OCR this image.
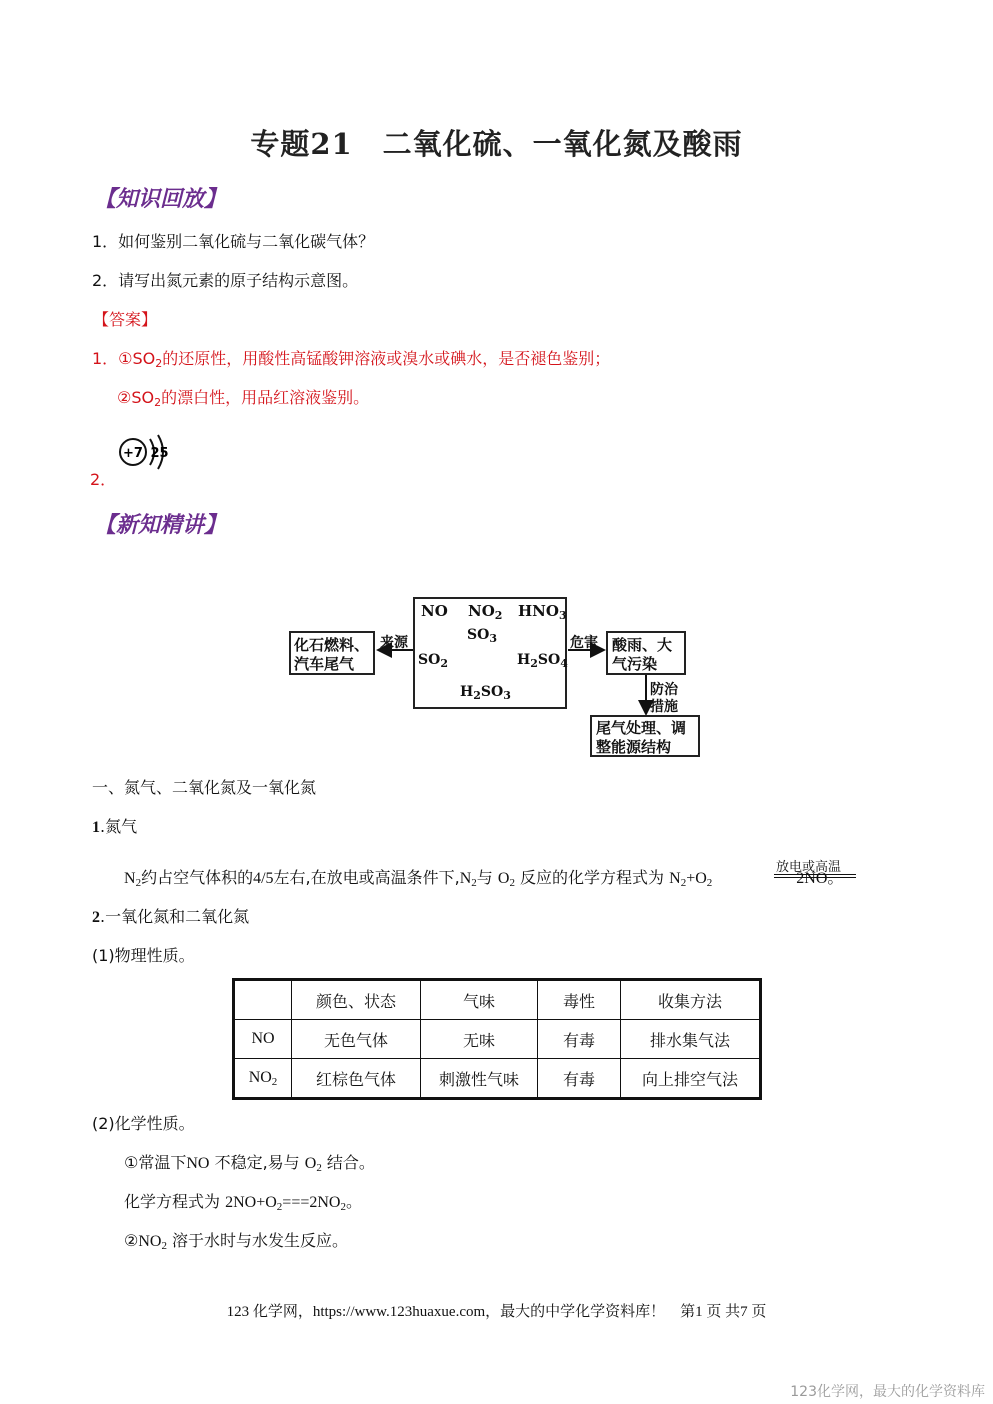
专题21　二氧化硫、一氧化氮及酸雨
【知识回放】
1．如何鉴别二氧化硫与二氧化碳气体？
2．请写出氮元素的原子结构示意图。
【答案】
1．$①SO_2$的还原性，用酸性高锰酸钾溶液或溴水或碘水，是否褪色鉴别；
$②SO_2$的漂白性，用品红溶液鉴别。
+7 2 5
2．
【新知精讲】
化石燃料、
汽车尾气
来源
NO $NO_2$ $HNO_3$
$SO_3$
$SO_2$	$H_2SO_4$
$H_2SO_3$
危害 酸雨、大
气污染
防治
措施
尾气处理、调
整能源结构
一、氮气、二氧化氮及一氧化氮
1.氮气
$N_2$约占空气体积的4/5左右,在放电或高温条件下$,N_2$与 $O_2$ 反应的化学方程式为 $N_2+O_2$	2NO。
放电或高温
2.一氧化氮和二氧化氮
(1)物理性质。
	颜色、状态	气味	毒性	收集方法
NO	无色气体	无味	有毒	排水集气法
$NO_2$	红棕色气体	刺激性气味	有毒	向上排空气法
(2)化学性质。
①常温下NO 不稳定,易与 $O_2$ 结合。
化学方程式为 $2NO+O_2===2NO_2$。
$②NO_2$ 溶于水时与水发生反应。
123 化学网，https://www.123huaxue.com，最大的中学化学资料库！　第1 页 共7 页
123化学网，最大的化学资料库
